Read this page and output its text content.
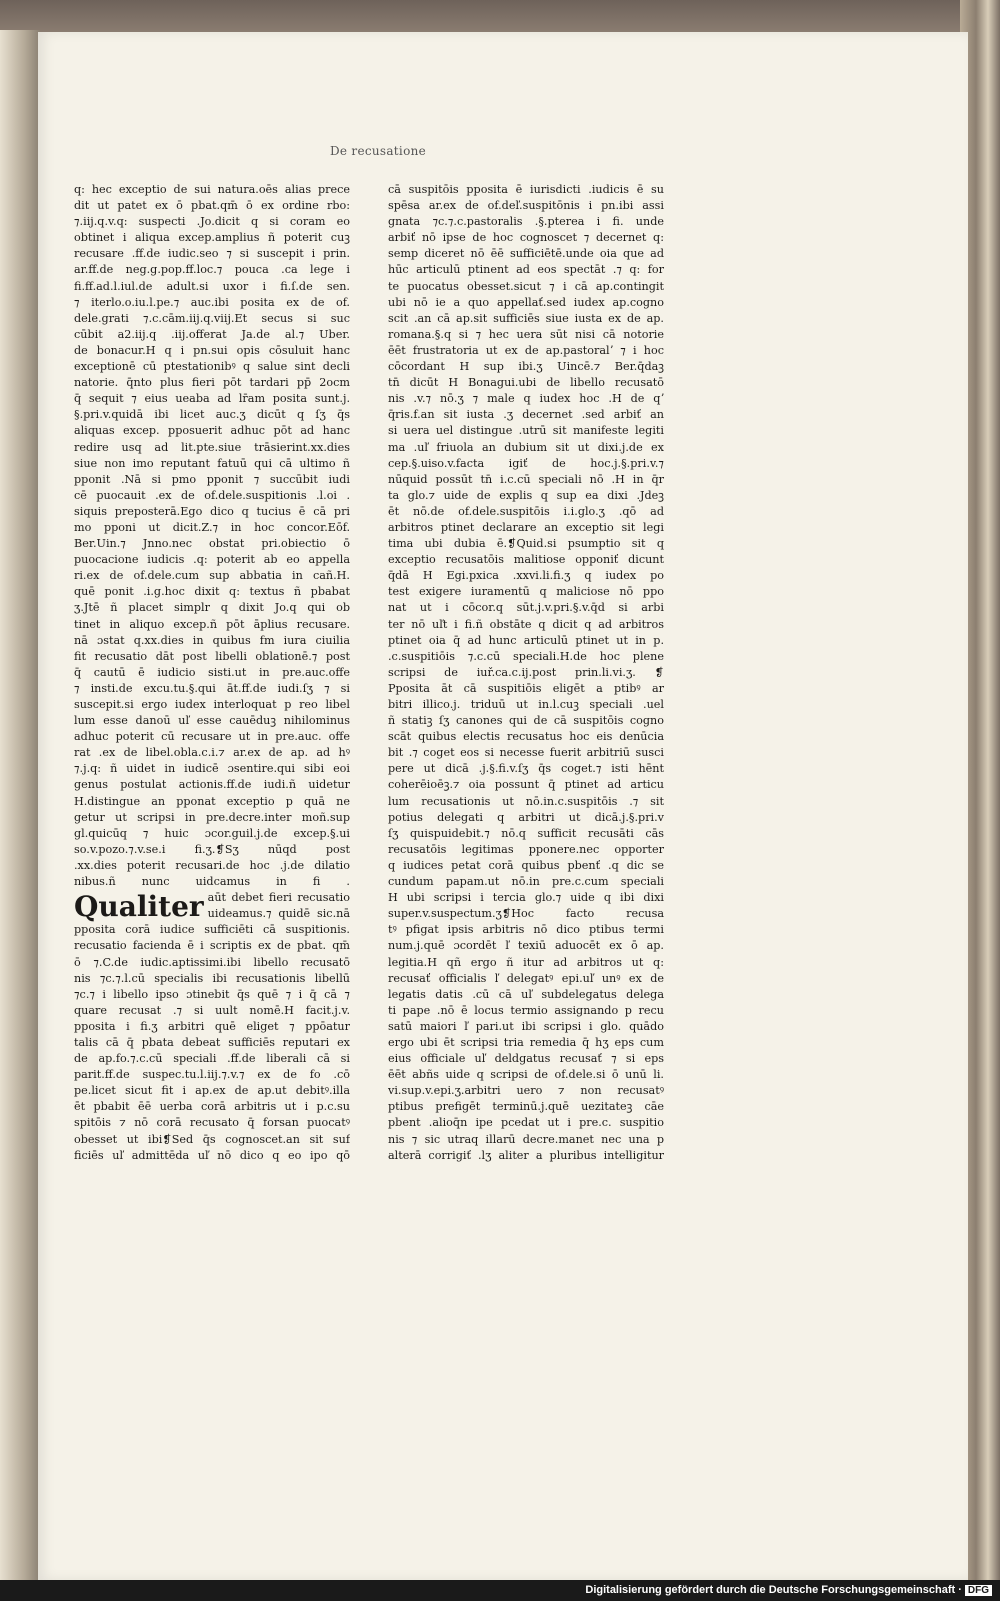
De recusatione
q: hec exceptio de sui natura.oēs alias prece
dit ut patet ex ō pbat.qm̄ ō ex ordine rbo:
⁊.iij.q.v.q: suspecti .Jo.dicit q si coram eo
obtinet i aliqua excep.amplius ñ poterit cuꝫ
recusare .ff.de iudic.seo ⁊ si suscepit i prin.
ar.ff.de neg.g.pop.ff.loc.⁊ pouca .ca lege i
fi.ff.ad.l.iul.de adult.si uxor i fi.ſ.de sen.
⁊ iterlo.o.iu.l.pe.⁊ auc.ibi posita ex de of.
dele.grati ⁊.c.cām.iij.q.viij.Et secus si suc
cūbit a2.iij.q .iij.offerat Ja.de al.⁊ Uber.
de bonacur.H q i pn.sui opis cōsuluit hanc
exceptionē cū ptestationibꝰ q salue sint decli
natorie. q̄nto plus fieri pōt tardari pp̄ 2ocm
q̄ sequit ⁊ eius ueaba ad lr̄am posita sunt.j.
§.pri.v.quidā ibi licet auc.ʒ dicūt q ſʒ q̄s
aliquas excep. pposuerit adhuc pōt ad hanc
redire usq ad lit.pte.siue trāsierint.xx.dies
siue non imo reputant fatuū qui cā ultimo ñ
pponit .Nā si pmo pponit ⁊ succūbit iudi
cē puocauit .ex de of.dele.suspitionis .l.oi .
siquis preposterā.Ego dico q tucius ē cā pri
mo pponi ut dicit.Z.⁊ in hoc concor.Eōf.
Ber.Uin.⁊ Jnno.nec obstat pri.obiectio ō
puocacione iudicis .q: poterit ab eo appella
ri.ex de of.dele.cum sup abbatia in cañ.H.
quē ponit .i.g.hoc dixit q: textus ñ pbabat
ʒ.Jtē ñ placet simplr q dixit Jo.q qui ob
tinet in aliquo excep.ñ pōt āplius recusare.
nā ɔstat q.xx.dies in quibus fm iura ciuilia
fit recusatio dāt post libelli oblationē.⁊ post
q̄ cautū ē iudicio sisti.ut in pre.auc.offe
⁊ insti.de excu.tu.§.qui āt.ff.de iudi.ſʒ ⁊ si
suscepit.si ergo iudex interloquat p reo libel
lum esse danoū uľ esse cauēduꝫ nihilominus
adhuc poterit cū recusare ut in pre.auc. offe
rat .ex de libel.obla.c.i.⁊ ar.ex de ap. ad hꝰ
⁊.j.q: ñ uidet in iudicē ɔsentire.qui sibi eoi
genus postulat actionis.ff.de iudi.ñ uidetur
H.distingue an pponat exceptio p quā ne
getur ut scripsi in pre.decre.inter moñ.sup
gl.quicūq ⁊ huic ɔcor.guil.j.de excep.§.ui
so.v.pozo.⁊.v.se.i fi.ʒ.❡Sʒ nūqd post
.xx.dies poterit recusari.de hoc .j.de dilatio
nibus.ñ nunc uidcamus in fi .
Qualiter aūt debet fieri recusatio
uideamus.⁊ quidē sic.nā
pposita corā iudice sufficiēti cā suspitionis.
recusatio facienda ē i scriptis ex de pbat. qm̄
ō ⁊.C.de iudic.aptissimi.ibi libello recusatō
nis ⁊c.⁊.l.cū specialis ibi recusationis libellū
⁊c.⁊ i libello ipso ɔtinebit q̄s quē ⁊ i q̄ cā ⁊
quare recusat .⁊ si uult nomē.H facit.j.v.
pposita i fi.ʒ arbitri quē eliget ⁊ ppōatur
talis cā q̄ pbata debeat sufficiēs reputari ex
de ap.fo.⁊.c.cū speciali .ff.de liberali cā si
parit.ff.de suspec.tu.l.iij.⁊.v.⁊ ex de fo .cō
pe.licet sicut fit i ap.ex de ap.ut debitꝰ.illa
ēt pbabit ēē uerba corā arbitris ut i p.c.su
spitōis ⁊ nō corā recusato q̄ forsan puocatꝰ
obesset ut ibi❡Sed q̄s cognoscet.an sit suf
ficiēs uľ admittēda uľ nō dico q eo ipo qō
cā suspitōis pposita ē iurisdicti .iudicis ē su
spēsa ar.ex de of.deľ.suspitōnis i pn.ibi assi
gnata ⁊c.⁊.c.pastoralis .§.pterea i fi. unde
arbiť nō ipse de hoc cognoscet ⁊ decernet q:
semp diceret nō ēē sufficiētē.unde oia que ad
hūc articulū ptinent ad eos spectāt .⁊ q: for
te puocatus obesset.sicut ⁊ i cā ap.contingit
ubi nō ie a quo appellať.sed iudex ap.cogno
scit .an cā ap.sit sufficiēs siue iusta ex de ap.
romana.§.q si ⁊ hec uera sūt nisi cā notorie
ēēt frustratoria ut ex de ap.pastoralʼ ⁊ i hoc
cōcordant H sup ibi.ʒ Uincē.⁊ Ber.q̄daꝫ
tn̄ dicūt H Bonagui.ubi de libello recusatō
nis .v.⁊ nō.ʒ ⁊ male q iudex hoc .H de qʼ
q̄ris.f.an sit iusta .ʒ decernet .sed arbiť an
si uera uel distingue .utrū sit manifeste legiti
ma .uľ friuola an dubium sit ut dixi.j.de ex
cep.§.uiso.v.facta igiť de hoc.j.§.pri.v.⁊
nūquid possūt tn̄ i.c.cū speciali nō .H in q̄r
ta glo.⁊ uide de explis q sup ea dixi .Jdeꝫ
ēt nō.de of.dele.suspitōis i.i.glo.ʒ .qō ad
arbitros ptinet declarare an exceptio sit legi
tima ubi dubia ē.❡Quid.si psumptio sit q
exceptio recusatōis malitiose opponiť dicunt
q̄dā H Egi.pxica .xxvi.li.fi.ʒ q iudex po
test exigere iuramentū q maliciose nō ppo
nat ut i cōcor.q sūt.j.v.pri.§.v.q̄d si arbi
ter nō uľt i fi.ñ obstāte q dicit q ad arbitros
ptinet oia q̄ ad hunc articulū ptinet ut in p.
.c.suspitiōis ⁊.c.cū speciali.H.de hoc plene
scripsi de iuř.ca.c.ij.post prin.li.vi.ʒ. ❡
Pposita āt cā suspitiōis eligēt a ptibꝰ ar
bitri illico.j. triduū ut in.l.cuꝫ speciali .uel
ñ statiꝫ ſʒ canones qui de cā suspitōis cogno
scāt quibus electis recusatus hoc eis denūcia
bit .⁊ coget eos si necesse fuerit arbitriū susci
pere ut dicā .j.§.fi.v.ſʒ q̄s coget.⁊ isti hēnt
coherēioēꝫ.⁊ oia possunt q̄ ptinet ad articu
lum recusationis ut nō.in.c.suspitōis .⁊ sit
potius delegati q arbitri ut dicā.j.§.pri.v
ſʒ quispuidebit.⁊ nō.q sufficit recusāti cās
recusatōis legitimas pponere.nec opporter
q iudices petat corā quibus pbenť .q dic se
cundum papam.ut nō.in pre.c.cum speciali
H ubi scripsi i tercia glo.⁊ uide q ibi dixi
super.v.suspectum.ʒ❡Hoc facto recusa
tꝰ pfigat ipsis arbitris nō dico ptibus termi
num.j.quē ɔcordēt ľ texiū aduocēt ex ō ap.
legitia.H qñ ergo ñ itur ad arbitros ut q:
recusať officialis ľ delegatꝰ epi.uľ unꝰ ex de
legatis datis .cū cā uľ subdelegatus delega
ti pape .nō ē locus termio assignando p recu
satū maiori ľ pari.ut ibi scripsi i glo. quādo
ergo ubi ēt scripsi tria remedia q̄ hʒ eps cum
eius officiale uľ deldgatus recusať ⁊ si eps
ēēt abñs uide q scripsi de of.dele.si ō unū li.
vi.sup.v.epi.ʒ.arbitri uero ⁊ non recusatꝰ
ptibus prefigēt terminū.j.quē uezitateꝫ cāe
pbent .alioq̄n ipe pcedat ut i pre.c. suspitio
nis ⁊ sic utraq illarū decre.manet nec una p
alterā corrigiť .lʒ aliter a pluribus intelligitur
Digitalisierung gefördert durch die Deutsche Forschungsgemeinschaft · DFG
